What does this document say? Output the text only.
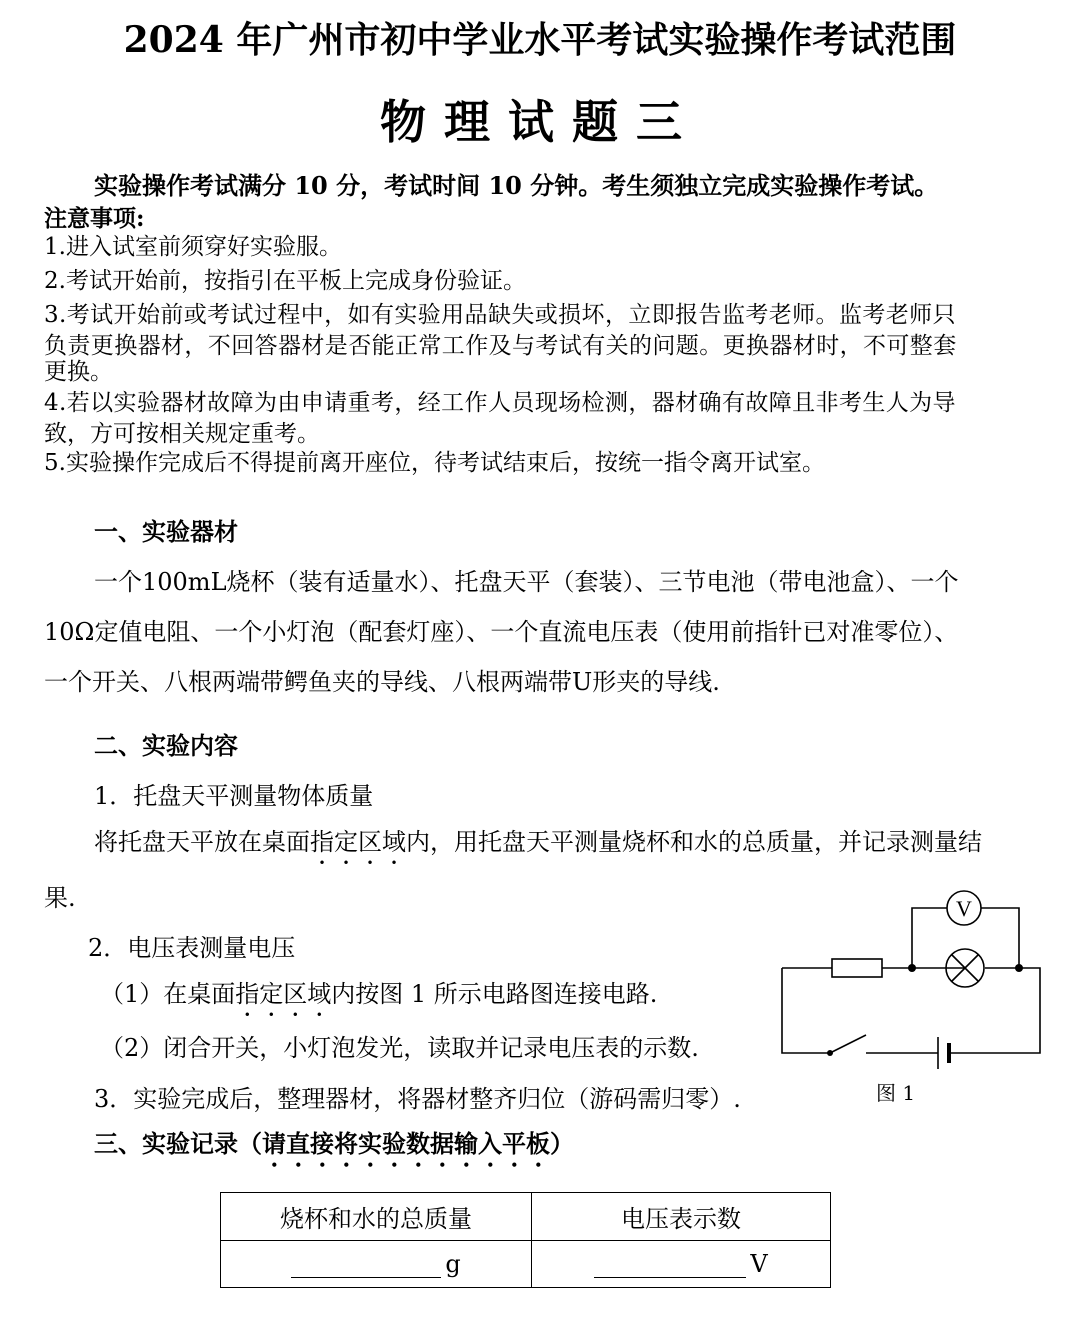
2024 年广州市初中学业水平考试实验操作考试范围
物理试题三
实验操作考试满分 10 分，考试时间 10 分钟。考生须独立完成实验操作考试。
注意事项:
1.进入试室前须穿好实验服。
2.考试开始前，按指引在平板上完成身份验证。
3.考试开始前或考试过程中，如有实验用品缺失或损坏，立即报告监考老师。监考老师只
负责更换器材，不回答器材是否能正常工作及与考试有关的问题。更换器材时，不可整套
更换。
4.若以实验器材故障为由申请重考，经工作人员现场检测，器材确有故障且非考生人为导
致，方可按相关规定重考。
5.实验操作完成后不得提前离开座位，待考试结束后，按统一指令离开试室。
一、实验器材
一个100mL烧杯（装有适量水）、托盘天平（套装）、三节电池（带电池盒）、一个
10Ω定值电阻、一个小灯泡（配套灯座）、一个直流电压表（使用前指针已对准零位）、
一个开关、八根两端带鳄鱼夹的导线、八根两端带U形夹的导线.
二、实验内容
1．托盘天平测量物体质量
将托盘天平放在桌面指定区域内，用托盘天平测量烧杯和水的总质量，并记录测量结
果.
2．电压表测量电压
（1）在桌面指定区域内按图 1 所示电路图连接电路.
（2）闭合开关，小灯泡发光，读取并记录电压表的示数.
3．实验完成后，整理器材，将器材整齐归位（游码需归零）.
V
图 1
三、实验记录（请直接将实验数据输入平板）
烧杯和水的总质量	电压表示数
g	V
